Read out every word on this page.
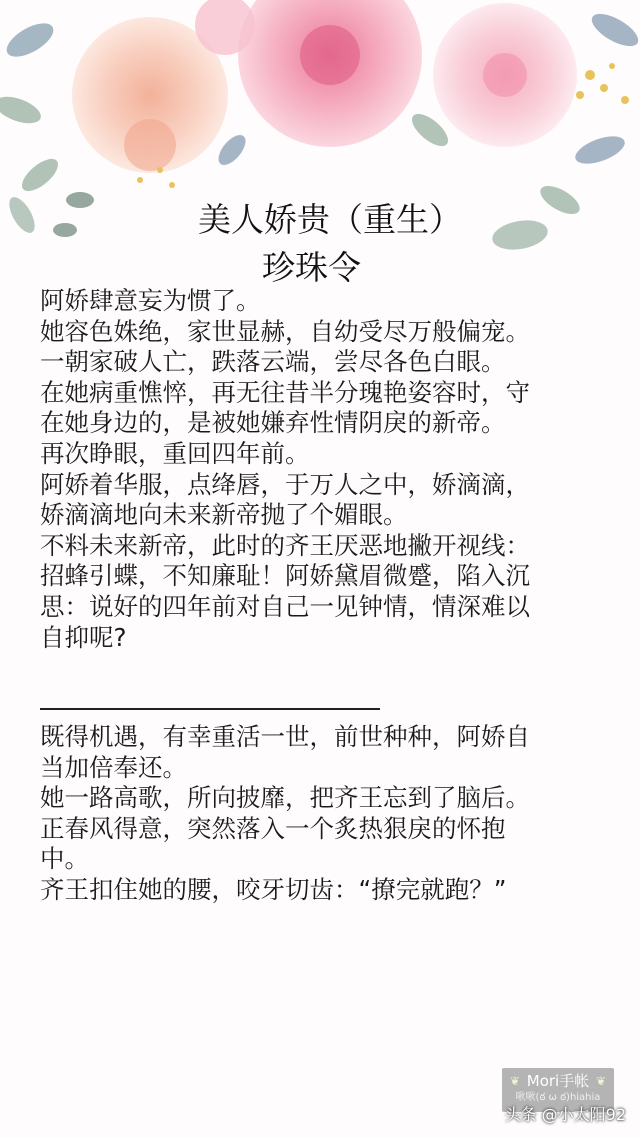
美人娇贵（重生）
珍珠令
阿娇肆意妄为惯了。
她容色姝绝，家世显赫，自幼受尽万般偏宠。
一朝家破人亡，跌落云端，尝尽各色白眼。
在她病重憔悴，再无往昔半分瑰艳姿容时，守
在她身边的，是被她嫌弃性情阴戾的新帝。
再次睁眼，重回四年前。
阿娇着华服，点绛唇，于万人之中，娇滴滴，
娇滴滴地向未来新帝抛了个媚眼。
不料未来新帝，此时的齐王厌恶地撇开视线：
招蜂引蝶，不知廉耻！阿娇黛眉微蹙，陷入沉
思：说好的四年前对自己一见钟情，情深难以
自抑呢?
既得机遇，有幸重活一世，前世种种，阿娇自
当加倍奉还。
她一路高歌，所向披靡，把齐王忘到了脑后。
正春风得意，突然落入一个炙热狠戾的怀抱
中。
齐王扣住她的腰，咬牙切齿：“撩完就跑？”
❦	❦
Mori手帐
啾啾(ఠ ω ఠ)hiahia
头条 @小太阳92
